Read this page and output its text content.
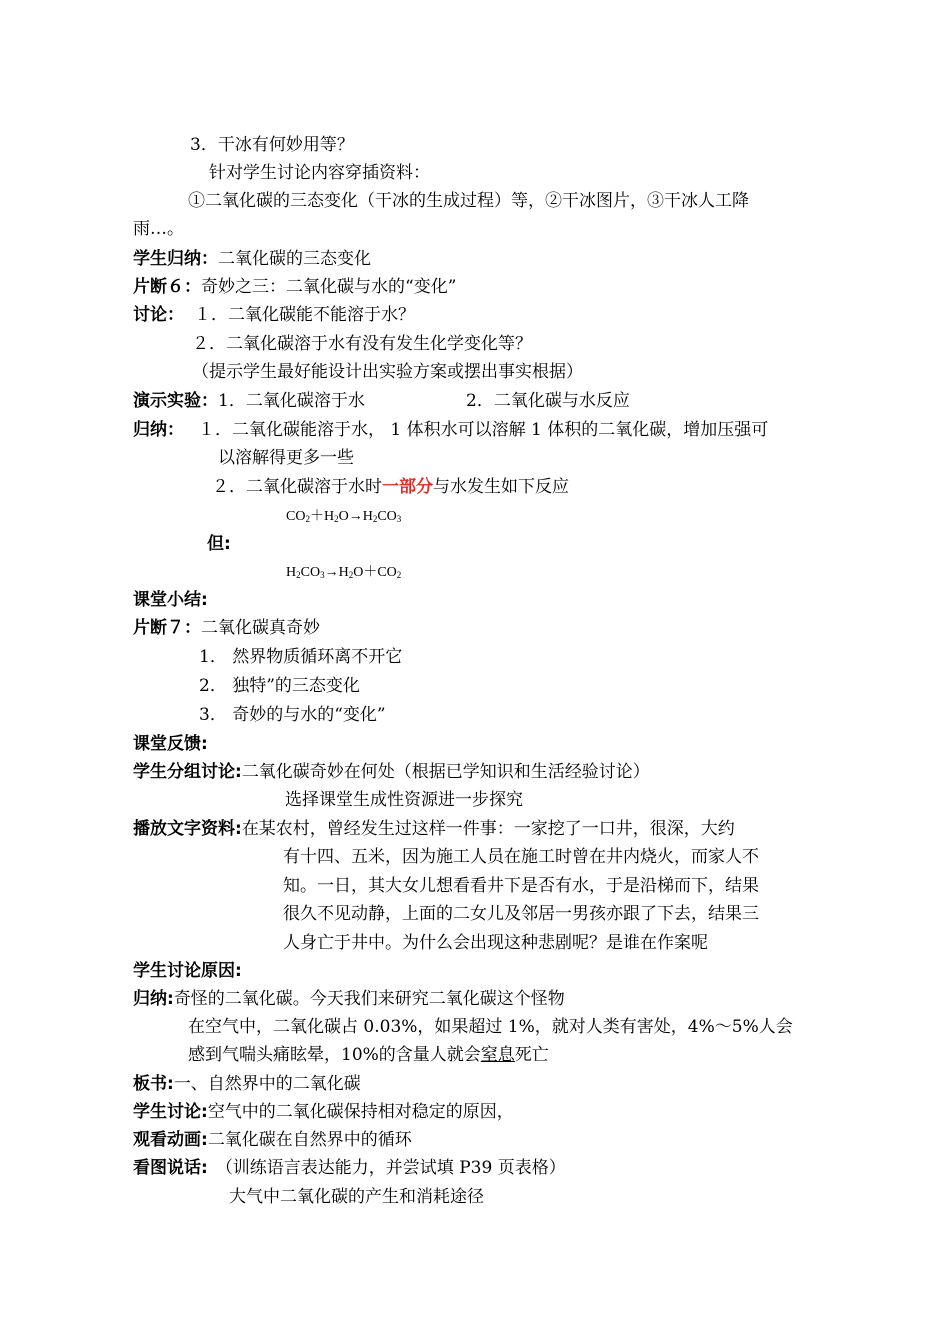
3．干冰有何妙用等？
针对学生讨论内容穿插资料：
①二氧化碳的三态变化（干冰的生成过程）等，②干冰图片，③干冰人工降
雨…。
学生归纳：二氧化碳的三态变化
片断６：奇妙之三：二氧化碳与水的“变化”
讨论： １．二氧化碳能不能溶于水？
２．二氧化碳溶于水有没有发生化学变化等？
（提示学生最好能设计出实验方案或摆出事实根据）
演示实验：1．二氧化碳溶于水	2．二氧化碳与水反应
归纳： １．二氧化碳能溶于水， 1 体积水可以溶解 1 体积的二氧化碳，增加压强可
以溶解得更多一些
２．二氧化碳溶于水时一部分与水发生如下反应
$CO_2+H_2O\to H_2CO_3$
但:
$H_2CO_3\to H_2O+CO_2$
课堂小结:
片断７：二氧化碳真奇妙
1． 然界物质循环离不开它
2． 独特”的三态变化
3． 奇妙的与水的“变化”
课堂反馈:
学生分组讨论:二氧化碳奇妙在何处（根据已学知识和生活经验讨论）
选择课堂生成性资源进一步探究
播放文字资料:在某农村，曾经发生过这样一件事：一家挖了一口井，很深，大约
有十四、五米，因为施工人员在施工时曾在井内烧火，而家人不
知。一日，其大女儿想看看井下是否有水，于是沿梯而下，结果
很久不见动静，上面的二女儿及邻居一男孩亦跟了下去，结果三
人身亡于井中。为什么会出现这种悲剧呢？是谁在作案呢
学生讨论原因:
归纳:奇怪的二氧化碳。今天我们来研究二氧化碳这个怪物
在空气中，二氧化碳占 0.03%，如果超过 1%，就对人类有害处，4%～5%人会
感到气喘头痛眩晕，10%的含量人就会窒息死亡
板书:一、自然界中的二氧化碳
学生讨论:空气中的二氧化碳保持相对稳定的原因，
观看动画:二氧化碳在自然界中的循环
看图说话: （训练语言表达能力，并尝试填 P39 页表格）
大气中二氧化碳的产生和消耗途径
